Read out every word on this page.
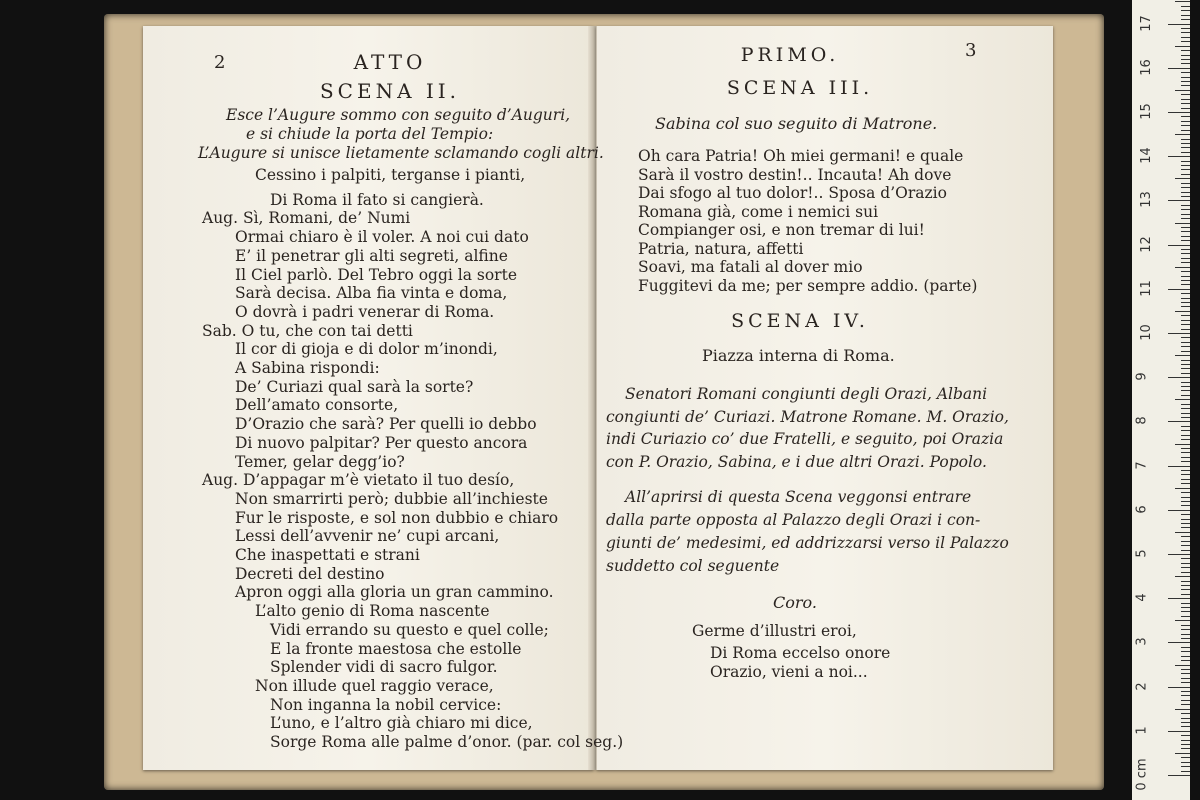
2	ATTO
SCENA II.
Esce l’Augure sommo con seguito d’Auguri,
e si chiude la porta del Tempio:
L’Augure si unisce lietamente sclamando cogli altri.
Cessino i palpiti, terganse i pianti,
Di Roma il fato si cangierà.
Aug. Sì, Romani, de’ Numi
Ormai chiaro è il voler. A noi cui dato
E’ il penetrar gli alti segreti, alfine
Il Ciel parlò. Del Tebro oggi la sorte
Sarà decisa. Alba fia vinta e doma,
O dovrà i padri venerar di Roma.
Sab. O tu, che con tai detti
Il cor di gioja e di dolor m’inondi,
A Sabina rispondi:
De’ Curiazi qual sarà la sorte?
Dell’amato consorte,
D’Orazio che sarà? Per quelli io debbo
Di nuovo palpitar? Per questo ancora
Temer, gelar degg’io?
Aug. D’appagar m’è vietato il tuo desío,
Non smarrirti però; dubbie all’inchieste
Fur le risposte, e sol non dubbio e chiaro
Lessi dell’avvenir ne’ cupi arcani,
Che inaspettati e strani
Decreti del destino
Apron oggi alla gloria un gran cammino.
L’alto genio di Roma nascente
Vidi errando su questo e quel colle;
E la fronte maestosa che estolle
Splender vidi di sacro fulgor.
Non illude quel raggio verace,
Non inganna la nobil cervice:
L’uno, e l’altro già chiaro mi dice,
Sorge Roma alle palme d’onor. (par. col seg.)
PRIMO.	3
SCENA III.
Sabina col suo seguito di Matrone.
Oh cara Patria! Oh miei germani! e quale
Sarà il vostro destin!.. Incauta! Ah dove
Dai sfogo al tuo dolor!.. Sposa d’Orazio
Romana già, come i nemici sui
Compianger osi, e non tremar di lui!
Patria, natura, affetti
Soavi, ma fatali al dover mio
Fuggitevi da me; per sempre addio. (parte)
SCENA IV.
Piazza interna di Roma.
Senatori Romani congiunti degli Orazi, Albani
congiunti de’ Curiazi. Matrone Romane. M. Orazio,
indi Curiazio co’ due Fratelli, e seguito, poi Orazia
con P. Orazio, Sabina, e i due altri Orazi. Popolo.
All’aprirsi di questa Scena veggonsi entrare
dalla parte opposta al Palazzo degli Orazi i con-
giunti de’ medesimi, ed addrizzarsi verso il Palazzo
suddetto col seguente
Coro.
Germe d’illustri eroi,
Di Roma eccelso onore
Orazio, vieni a noi...
0 cm
1
2
3
4
5
6
7
8
9
10
11
12
13
14
15
16
17
